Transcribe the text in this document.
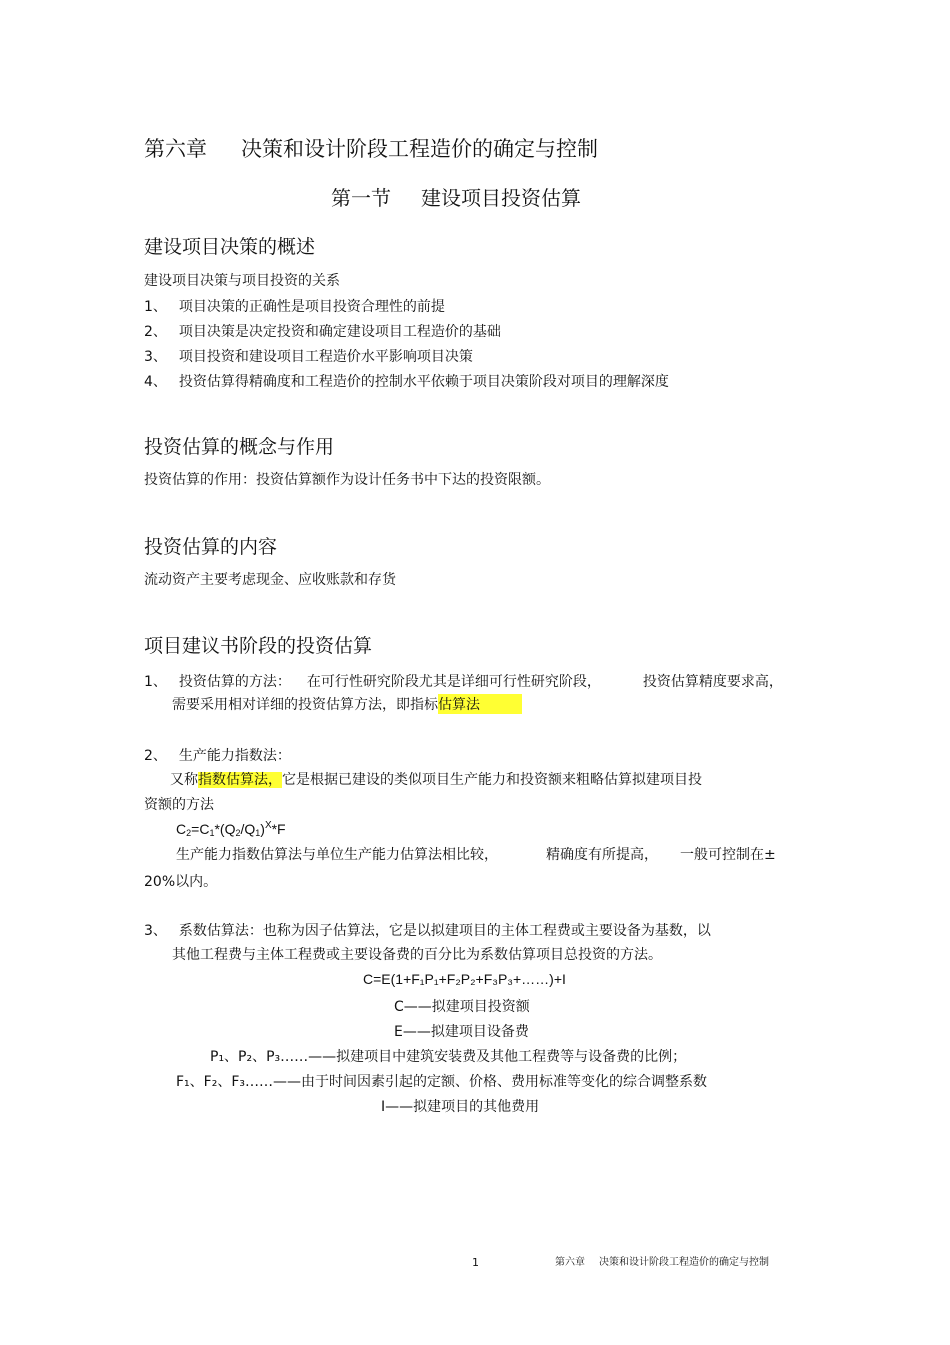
第六章 决策和设计阶段工程造价的确定与控制
第一节 建设项目投资估算
建设项目决策的概述
建设项目决策与项目投资的关系
1、 项目决策的正确性是项目投资合理性的前提
2、 项目决策是决定投资和确定建设项目工程造价的基础
3、 项目投资和建设项目工程造价水平影响项目决策
4、 投资估算得精确度和工程造价的控制水平依赖于项目决策阶段对项目的理解深度
投资估算的概念与作用
投资估算的作用：投资估算额作为设计任务书中下达的投资限额。
投资估算的内容
流动资产主要考虑现金、应收账款和存货
项目建议书阶段的投资估算
1、 投资估算的方法： 在可行性研究阶段尤其是详细可行性研究阶段，	投资估算精度要求高，
需要采用相对详细的投资估算方法，即指标估算法
2、 生产能力指数法：
又称指数估算法，它是根据已建设的类似项目生产能力和投资额来粗略估算拟建项目投
资额的方法
$C_2=C_1*(Q_2/Q_1)^X*F$
生产能力指数估算法与单位生产能力估算法相比较，	精确度有所提高， 一般可控制在±
20%以内。
3、 系数估算法：也称为因子估算法，它是以拟建项目的主体工程费或主要设备为基数，以
其他工程费与主体工程费或主要设备费的百分比为系数估算项目总投资的方法。
C=E(1+F₁P₁+F₂P₂+F₃P₃+……)+I
C——拟建项目投资额
E——拟建项目设备费
P₁、P₂、P₃……——拟建项目中建筑安装费及其他工程费等与设备费的比例；
F₁、F₂、F₃……——由于时间因素引起的定额、价格、费用标准等变化的综合调整系数
I——拟建项目的其他费用
1	第六章 决策和设计阶段工程造价的确定与控制
